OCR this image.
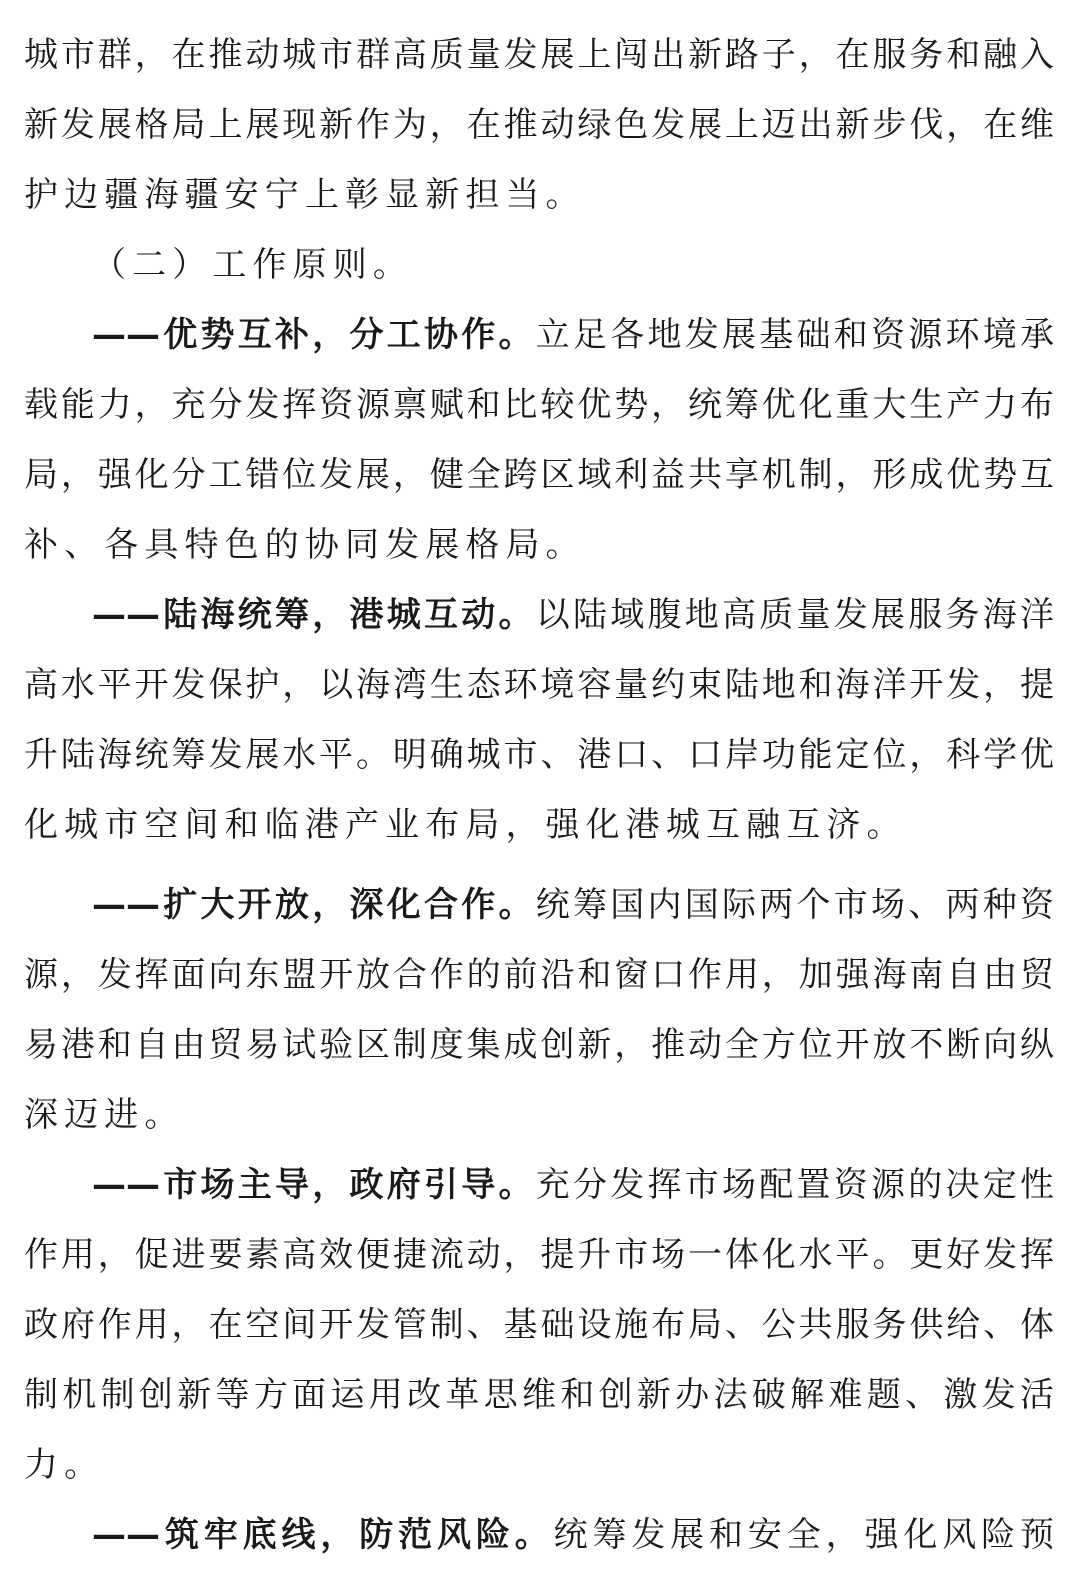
城市群，在推动城市群高质量发展上闯出新路子，在服务和融入
新发展格局上展现新作为，在推动绿色发展上迈出新步伐，在维
护边疆海疆安宁上彰显新担当。
（二）工作原则。
——优势互补，分工协作。立足各地发展基础和资源环境承
载能力，充分发挥资源禀赋和比较优势，统筹优化重大生产力布
局，强化分工错位发展，健全跨区域利益共享机制，形成优势互
补、各具特色的协同发展格局。
——陆海统筹，港城互动。以陆域腹地高质量发展服务海洋
高水平开发保护，以海湾生态环境容量约束陆地和海洋开发，提
升陆海统筹发展水平。明确城市、港口、口岸功能定位，科学优
化城市空间和临港产业布局，强化港城互融互济。
——扩大开放，深化合作。统筹国内国际两个市场、两种资
源，发挥面向东盟开放合作的前沿和窗口作用，加强海南自由贸
易港和自由贸易试验区制度集成创新，推动全方位开放不断向纵
深迈进。
——市场主导，政府引导。充分发挥市场配置资源的决定性
作用，促进要素高效便捷流动，提升市场一体化水平。更好发挥
政府作用，在空间开发管制、基础设施布局、公共服务供给、体
制机制创新等方面运用改革思维和创新办法破解难题、激发活
力。
——筑牢底线，防范风险。统筹发展和安全，强化风险预
